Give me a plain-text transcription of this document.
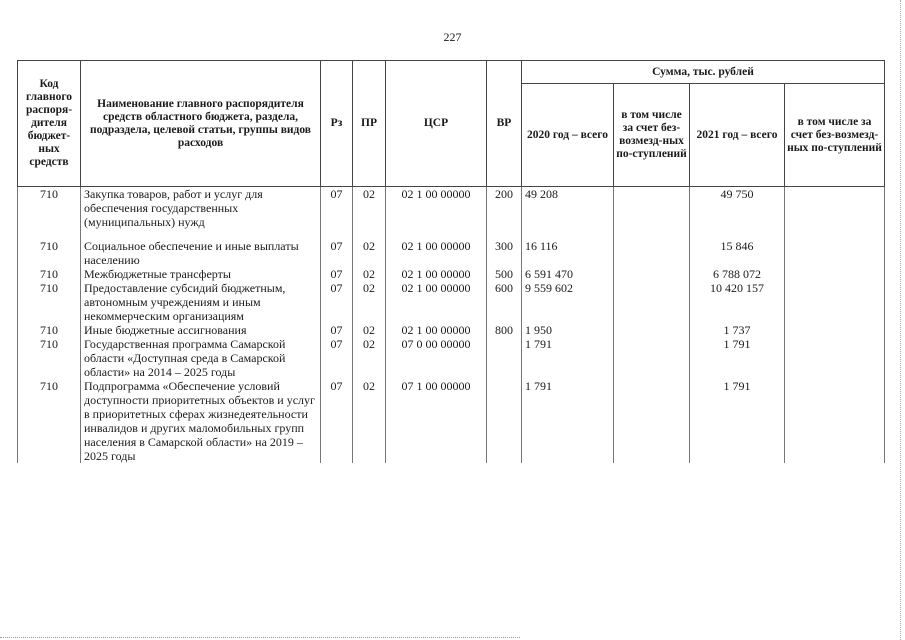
227
Код главного распоря-дителя бюджет-ных средств	Наименование главного распорядителя средств областного бюджета, раздела, подраздела, целевой статьи, группы видов расходов	Рз	ПР	ЦСР	ВР	Сумма, тыс. рублей			
						2020 год – всего	в том числе за счет без-возмезд-ных по-ступлений	2021 год – всего	в том числе за счет без-возмезд-ных по-ступлений
710	Закупка товаров, работ и услуг для обеспечения государственных (муниципальных) нужд	07	02	02 1 00 00000	200	49 208		49 750	

710	Социальное обеспечение и иные выплаты населению	07	02	02 1 00 00000	300	16 116		15 846	
710	Межбюджетные трансферты	07	02	02 1 00 00000	500	6 591 470		6 788 072	
710	Предоставление субсидий бюджетным, автономным учреждениям и иным некоммерческим организациям	07	02	02 1 00 00000	600	9 559 602		10 420 157	
710	Иные бюджетные ассигнования	07	02	02 1 00 00000	800	1 950		1 737	
710	Государственная программа Самарской области «Доступная среда в Самарской области» на 2014 – 2025 годы	07	02	07 0 00 00000		1 791		1 791	
710	Подпрограмма «Обеспечение условий доступности приоритетных объектов и услуг в приоритетных сферах жизнедеятельности инвалидов и других маломобильных групп населения в Самарской области» на 2019 – 2025 годы	07	02	07 1 00 00000		1 791		1 791	
